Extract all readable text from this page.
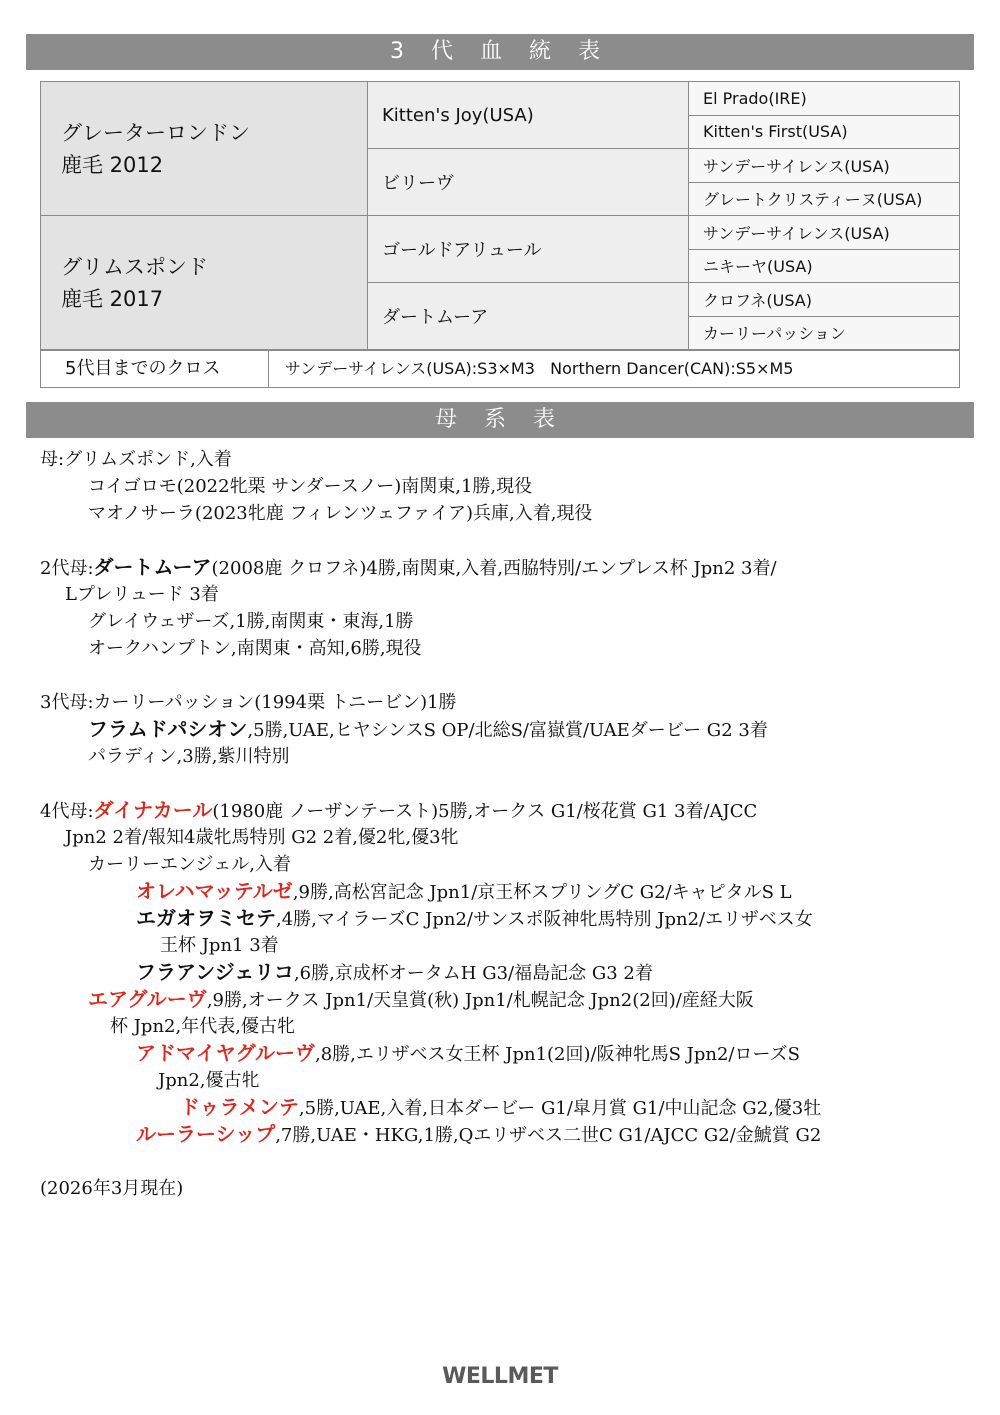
3 代 血 統 表
グレーターロンドン
鹿毛 2012	Kitten's Joy(USA)	El Prado(IRE)
		Kitten's First(USA)
	ビリーヴ	サンデーサイレンス(USA)
		グレートクリスティーヌ(USA)

グリムスポンド
鹿毛 2017	ゴールドアリュール	サンデーサイレンス(USA)
		ニキーヤ(USA)
	ダートムーア	クロフネ(USA)
		カーリーパッション
5代目までのクロス	サンデーサイレンス(USA):S3×M3   Northern Dancer(CAN):S5×M5
母 系 表
母:グリムズポンド,入着
コイゴロモ(2022牝栗 サンダースノー)南関東,1勝,現役
マオノサーラ(2023牝鹿 フィレンツェファイア)兵庫,入着,現役
2代母:ダートムーア(2008鹿 クロフネ)4勝,南関東,入着,西脇特別/エンプレス杯 Jpn2 3着/
Lプレリュード 3着
グレイウェザーズ,1勝,南関東・東海,1勝
オークハンプトン,南関東・高知,6勝,現役
3代母:カーリーパッション(1994栗 トニービン)1勝
フラムドパシオン,5勝,UAE,ヒヤシンスS OP/北総S/富嶽賞/UAEダービー G2 3着
パラディン,3勝,紫川特別
4代母:ダイナカール(1980鹿 ノーザンテースト)5勝,オークス G1/桜花賞 G1 3着/AJCC
Jpn2 2着/報知4歳牝馬特別 G2 2着,優2牝,優3牝
カーリーエンジェル,入着
オレハマッテルゼ,9勝,高松宮記念 Jpn1/京王杯スプリングC G2/キャピタルS L
エガオヲミセテ,4勝,マイラーズC Jpn2/サンスポ阪神牝馬特別 Jpn2/エリザベス女
王杯 Jpn1 3着
フラアンジェリコ,6勝,京成杯オータムH G3/福島記念 G3 2着
エアグルーヴ,9勝,オークス Jpn1/天皇賞(秋) Jpn1/札幌記念 Jpn2(2回)/産経大阪
杯 Jpn2,年代表,優古牝
アドマイヤグルーヴ,8勝,エリザベス女王杯 Jpn1(2回)/阪神牝馬S Jpn2/ローズS
Jpn2,優古牝
ドゥラメンテ,5勝,UAE,入着,日本ダービー G1/皐月賞 G1/中山記念 G2,優3牡
ルーラーシップ,7勝,UAE・HKG,1勝,Qエリザベス二世C G1/AJCC G2/金鯱賞 G2
(2026年3月現在)
WELLMET
